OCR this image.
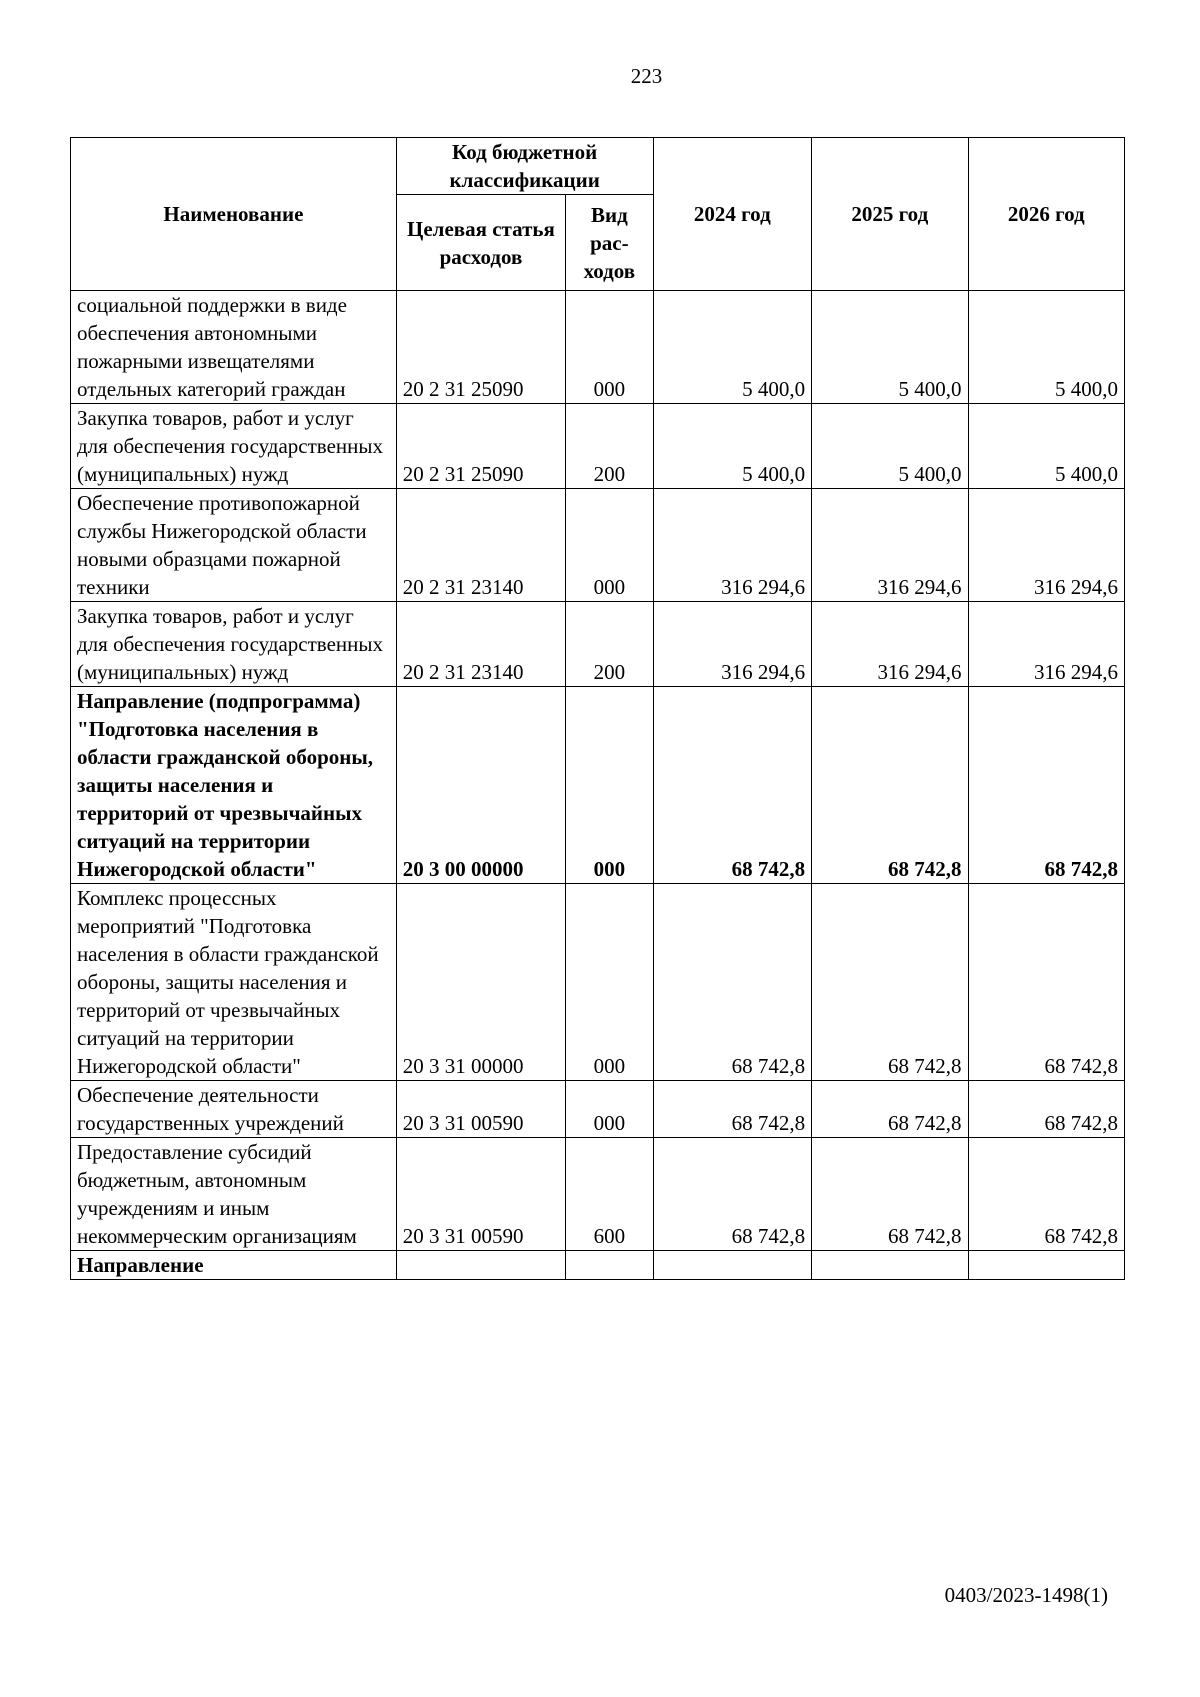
223
Наименование	Код бюджетной классификации		2024 год	2025 год	2026 год
	Целевая статья расходов	Вид рас-ходов			
социальной поддержки в виде обеспечения автономными пожарными извещателями отдельных категорий граждан	20 2 31 25090	000	5 400,0	5 400,0	5 400,0
Закупка товаров, работ и услуг для обеспечения государственных (муниципальных) нужд	20 2 31 25090	200	5 400,0	5 400,0	5 400,0
Обеспечение противопожарной службы Нижегородской области новыми образцами пожарной техники	20 2 31 23140	000	316 294,6	316 294,6	316 294,6
Закупка товаров, работ и услуг для обеспечения государственных (муниципальных) нужд	20 2 31 23140	200	316 294,6	316 294,6	316 294,6
Направление (подпрограмма) "Подготовка населения в области гражданской обороны, защиты населения и территорий от чрезвычайных ситуаций на территории Нижегородской области"	20 3 00 00000	000	68 742,8	68 742,8	68 742,8
Комплекс процессных мероприятий "Подготовка населения в области гражданской обороны, защиты населения и территорий от чрезвычайных ситуаций на территории Нижегородской области"	20 3 31 00000	000	68 742,8	68 742,8	68 742,8
Обеспечение деятельности государственных учреждений	20 3 31 00590	000	68 742,8	68 742,8	68 742,8
Предоставление субсидий бюджетным, автономным учреждениям и иным некоммерческим организациям	20 3 31 00590	600	68 742,8	68 742,8	68 742,8
Направление					
0403/2023-1498(1)
